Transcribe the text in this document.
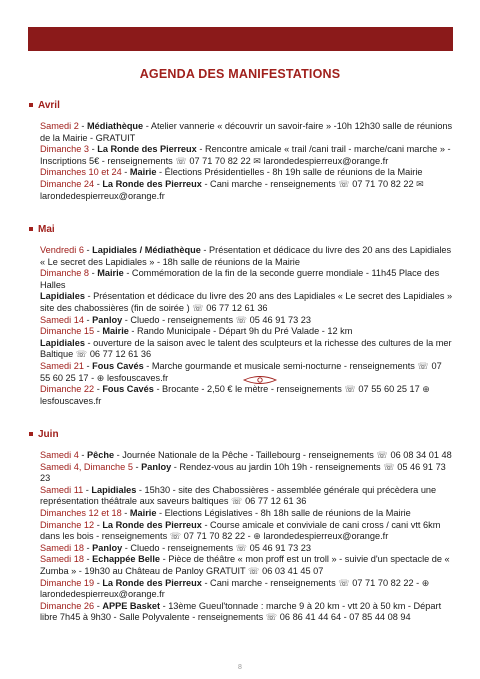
AGENDA DES MANIFESTATIONS
Avril
Samedi 2 - Médiathèque - Atelier vannerie « découvrir un savoir-faire » -10h 12h30 salle de réunions de la Mairie - GRATUIT
Dimanche 3 - La Ronde des Pierreux - Rencontre amicale « trail /cani trail - marche/cani marche » - Inscriptions 5€ - renseignements ☏ 07 71 70 82 22 ✉ larondedespierreux@orange.fr
Dimanches 10 et 24 - Mairie - Élections Présidentielles - 8h 19h salle de réunions de la Mairie
Dimanche 24 - La Ronde des Pierreux - Cani marche - renseignements ☏ 07 71 70 82 22 ✉ larondedespierreux@orange.fr
Mai
Vendredi 6 - Lapidiales / Médiathèque - Présentation et dédicace du livre des 20 ans des Lapidiales « Le secret des Lapidiales » - 18h salle de réunions de la Mairie
Dimanche 8 - Mairie - Commémoration de la fin de la seconde guerre mondiale - 11h45 Place des Halles
Lapidiales - Présentation et dédicace du livre des 20 ans des Lapidiales « Le secret des Lapidiales » site des chabossières (fin de soirée ) ☏ 06 77 12 61 36
Samedi 14 - Panloy - Cluedo - renseignements ☏ 05 46 91 73 23
Dimanche 15 - Mairie - Rando Municipale - Départ 9h du Pré Valade - 12 km
Lapidiales - ouverture de la saison avec le talent des sculpteurs et la richesse des cultures de la mer Baltique ☏ 06 77 12 61 36
Samedi 21 - Fous Cavés - Marche gourmande et musicale semi-nocturne - renseignements ☏ 07 55 60 25 17 - ⊕ lesfouscaves.fr
Dimanche 22 - Fous Cavés - Brocante - 2,50 € le mètre - renseignements ☏ 07 55 60 25 17 ⊕ lesfouscaves.fr
Juin
Samedi 4 - Pêche - Journée Nationale de la Pêche - Taillebourg - renseignements ☏ 06 08 34 01 48
Samedi 4, Dimanche 5 - Panloy - Rendez-vous au jardin 10h 19h - renseignements ☏ 05 46 91 73 23
Samedi 11 - Lapidiales - 15h30 - site des Chabossières - assemblée générale qui précèdera une représentation théâtrale aux saveurs baltiques ☏ 06 77 12 61 36
Dimanches 12 et 18 - Mairie - Elections Législatives - 8h 18h salle de réunions de la Mairie
Dimanche 12 - La Ronde des Pierreux - Course amicale et conviviale de cani cross / cani vtt 6km dans les bois - renseignements ☏ 07 71 70 82 22 - ⊕ larondedespierreux@orange.fr
Samedi 18 - Panloy - Cluedo - renseignements ☏ 05 46 91 73 23
Samedi 18 - Echappée Belle - Pièce de théâtre « mon proff est un troll » - suivie d'un spectacle de « Zumba » - 19h30 au Château de Panloy GRATUIT ☏ 06 03 41 45 07
Dimanche 19 - La Ronde des Pierreux - Cani marche - renseignements ☏ 07 71 70 82 22 - ⊕ larondedespierreux@orange.fr
Dimanche 26 - APPE Basket - 13ème Gueul'tonnade : marche 9 à 20 km - vtt 20 à 50 km - Départ libre 7h45 à 9h30 - Salle Polyvalente - renseignements ☏ 06 86 41 44 64 - 07 85 44 08 94
8
